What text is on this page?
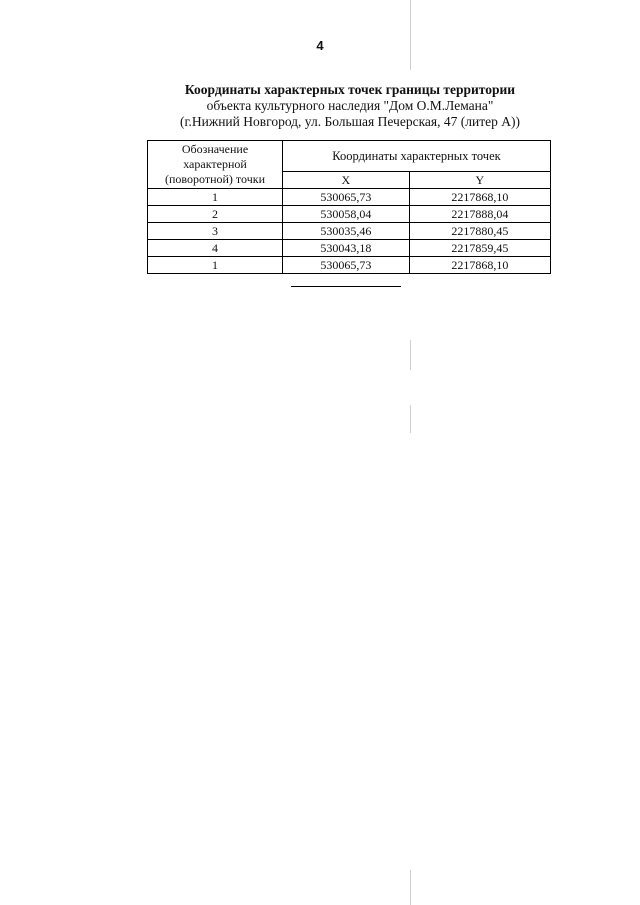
4
Координаты характерных точек границы территории
объекта культурного наследия "Дом О.М.Лемана"
(г.Нижний Новгород, ул. Большая Печерская, 47 (литер А))
Обозначение
характерной
(поворотной) точки	Координаты характерных точек	
	X	Y
1	530065,73	2217868,10
2	530058,04	2217888,04
3	530035,46	2217880,45
4	530043,18	2217859,45
1	530065,73	2217868,10
